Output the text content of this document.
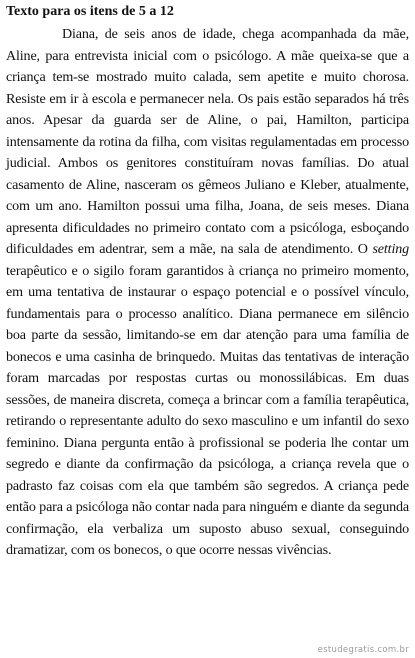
Texto para os itens de 5 a 12

Diana, de seis anos de idade, chega acompanhada da mãe, Aline, para entrevista inicial com o psicólogo. A mãe queixa-se que a criança tem-se mostrado muito calada, sem apetite e muito chorosa. Resiste em ir à escola e permanecer nela. Os pais estão separados há três anos. Apesar da guarda ser de Aline, o pai, Hamilton, participa intensamente da rotina da filha, com visitas regulamentadas em processo judicial. Ambos os genitores constituíram novas famílias. Do atual casamento de Aline, nasceram os gêmeos Juliano e Kleber, atualmente, com um ano. Hamilton possui uma filha, Joana, de seis meses. Diana apresenta dificuldades no primeiro contato com a psicóloga, esboçando dificuldades em adentrar, sem a mãe, na sala de atendimento. O setting terapêutico e o sigilo foram garantidos à criança no primeiro momento, em uma tentativa de instaurar o espaço potencial e o possível vínculo, fundamentais para o processo analítico. Diana permanece em silêncio boa parte da sessão, limitando-se em dar atenção para uma família de bonecos e uma casinha de brinquedo. Muitas das tentativas de interação foram marcadas por respostas curtas ou monossilábicas. Em duas sessões, de maneira discreta, começa a brincar com a família terapêutica, retirando o representante adulto do sexo masculino e um infantil do sexo feminino. Diana pergunta então à profissional se poderia lhe contar um segredo e diante da confirmação da psicóloga, a criança revela que o padrasto faz coisas com ela que também são segredos. A criança pede então para a psicóloga não contar nada para ninguém e diante da segunda confirmação, ela verbaliza um suposto abuso sexual, conseguindo dramatizar, com os bonecos, o que ocorre nessas vivências.

estudegratis.com.br
